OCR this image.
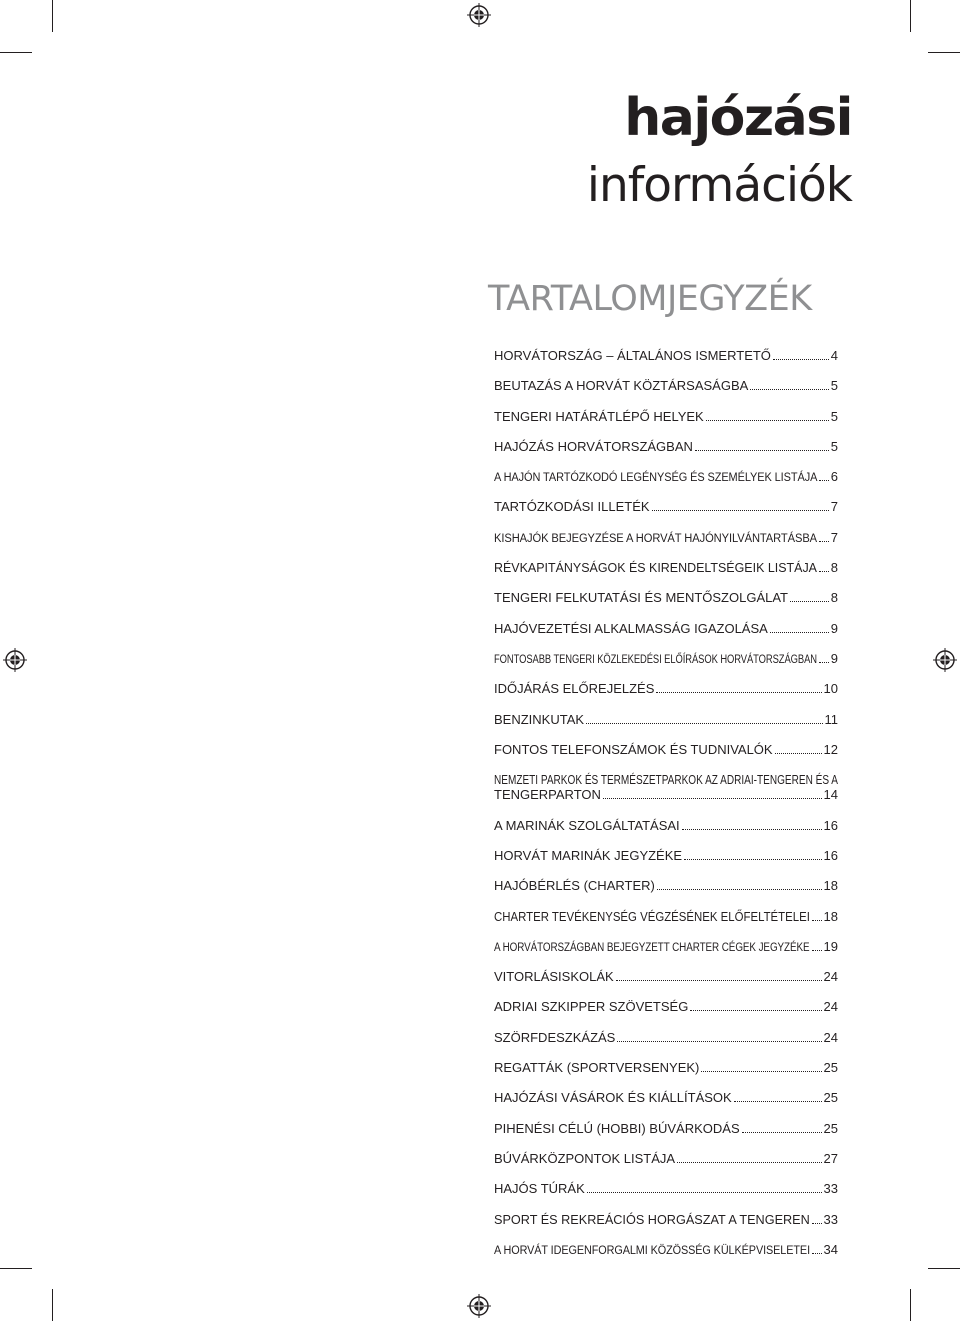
hajózási
információk
TARTALOMJEGYZÉK
HORVÁTORSZÁG – ÁLTALÁNOS ISMERTETŐ	4
BEUTAZÁS A HORVÁT KÖZTÁRSASÁGBA	5
TENGERI HATÁRÁTLÉPŐ HELYEK	5
HAJÓZÁS HORVÁTORSZÁGBAN	5
A HAJÓN TARTÓZKODÓ LEGÉNYSÉG ÉS SZEMÉLYEK LISTÁJA 6
TARTÓZKODÁSI ILLETÉK	7
KISHAJÓK BEJEGYZÉSE A HORVÁT HAJÓNYILVÁNTARTÁSBA 7
RÉVKAPITÁNYSÁGOK ÉS KIRENDELTSÉGEIK LISTÁJA 8
TENGERI FELKUTATÁSI ÉS MENTŐSZOLGÁLAT	8
HAJÓVEZETÉSI ALKALMASSÁG IGAZOLÁSA	9
FONTOSABB TENGERI KÖZLEKEDÉSI ELŐÍRÁSOK HORVÁTORSZÁGBAN 9
IDŐJÁRÁS ELŐREJELZÉS	10
BENZINKUTAK	11
FONTOS TELEFONSZÁMOK ÉS TUDNIVALÓK	12
NEMZETI PARKOK ÉS TERMÉSZETPARKOK AZ ADRIAI-TENGEREN ÉS A
TENGERPARTON	14
A MARINÁK SZOLGÁLTATÁSAI	16
HORVÁT MARINÁK JEGYZÉKE	16
HAJÓBÉRLÉS (CHARTER)	18
CHARTER TEVÉKENYSÉG VÉGZÉSÉNEK ELŐFELTÉTELEI 18
A HORVÁTORSZÁGBAN BEJEGYZETT CHARTER CÉGEK JEGYZÉKE 19
VITORLÁSISKOLÁK	24
ADRIAI SZKIPPER SZÖVETSÉG	24
SZÖRFDESZKÁZÁS	24
REGATTÁK (SPORTVERSENYEK)	25
HAJÓZÁSI VÁSÁROK ÉS KIÁLLÍTÁSOK	25
PIHENÉSI CÉLÚ (HOBBI) BÚVÁRKODÁS	25
BÚVÁRKÖZPONTOK LISTÁJA	27
HAJÓS TÚRÁK	33
SPORT ÉS REKREÁCIÓS HORGÁSZAT A TENGEREN 33
A HORVÁT IDEGENFORGALMI KÖZÖSSÉG KÜLKÉPVISELETEI 34
